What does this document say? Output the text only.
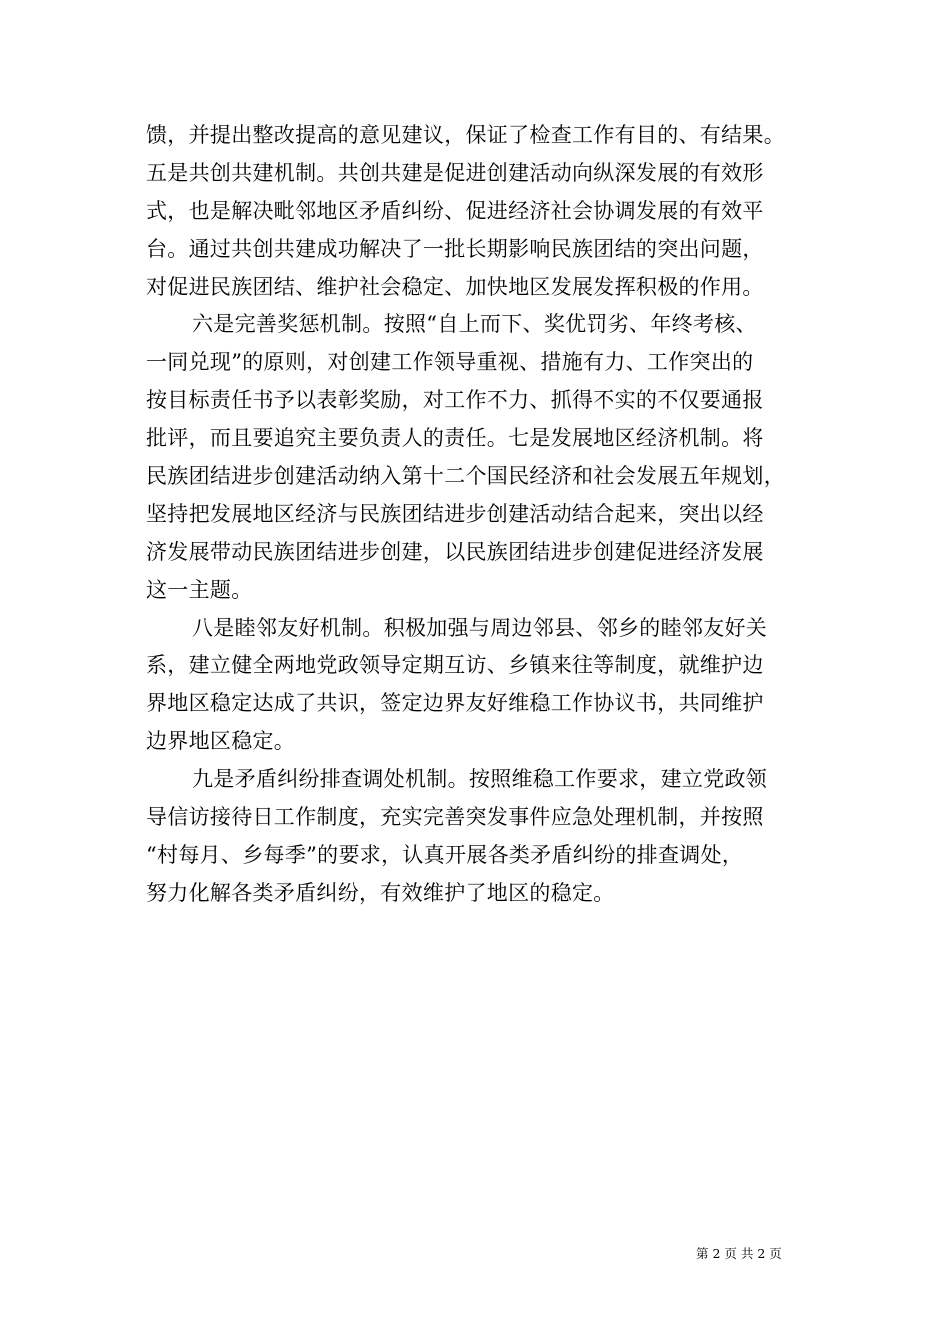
馈，并提出整改提高的意见建议，保证了检查工作有目的、有结果。
五是共创共建机制。共创共建是促进创建活动向纵深发展的有效形
式，也是解决毗邻地区矛盾纠纷、促进经济社会协调发展的有效平
台。通过共创共建成功解决了一批长期影响民族团结的突出问题，
对促进民族团结、维护社会稳定、加快地区发展发挥积极的作用。
六是完善奖惩机制。按照“自上而下、奖优罚劣、年终考核、
一同兑现”的原则，对创建工作领导重视、措施有力、工作突出的
按目标责任书予以表彰奖励，对工作不力、抓得不实的不仅要通报
批评，而且要追究主要负责人的责任。七是发展地区经济机制。将
民族团结进步创建活动纳入第十二个国民经济和社会发展五年规划，
坚持把发展地区经济与民族团结进步创建活动结合起来，突出以经
济发展带动民族团结进步创建，以民族团结进步创建促进经济发展
这一主题。
八是睦邻友好机制。积极加强与周边邻县、邻乡的睦邻友好关
系，建立健全两地党政领导定期互访、乡镇来往等制度，就维护边
界地区稳定达成了共识，签定边界友好维稳工作协议书，共同维护
边界地区稳定。
九是矛盾纠纷排查调处机制。按照维稳工作要求，建立党政领
导信访接待日工作制度，充实完善突发事件应急处理机制，并按照
“村每月、乡每季”的要求，认真开展各类矛盾纠纷的排查调处，
努力化解各类矛盾纠纷，有效维护了地区的稳定。
第 2 页 共 2 页
